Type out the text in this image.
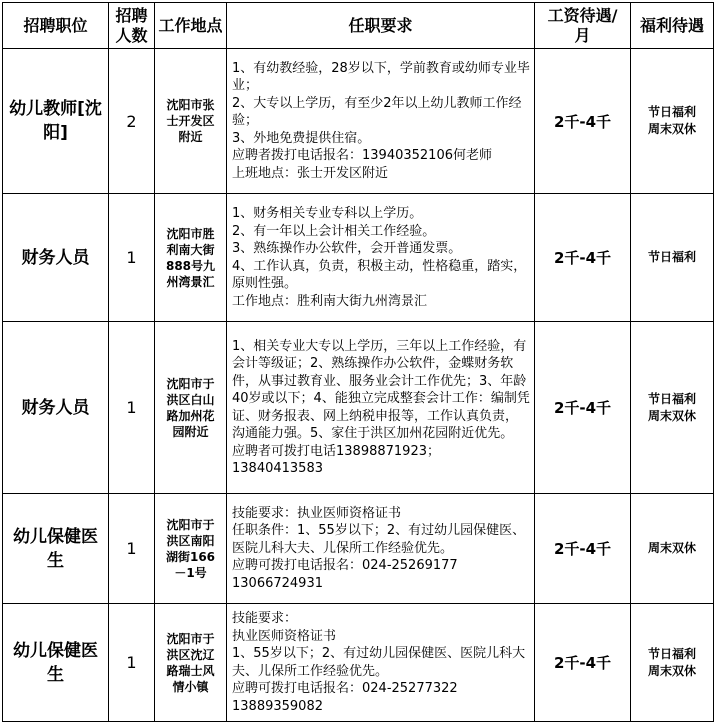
招聘职位	招聘人数	工作地点	任职要求	工资待遇/月	福利待遇
幼儿教师[沈阳]	2	沈阳市张士开发区附近	1、有幼教经验，28岁以下，学前教育或幼师专业毕业；
2、大专以上学历，有至少2年以上幼儿教师工作经验；
3、外地免费提供住宿。
应聘者拨打电话报名：13940352106何老师
上班地点：张士开发区附近	2千-4千	节日福利
周末双休

财务人员	1	沈阳市胜利南大街888号九州湾景汇	1、财务相关专业专科以上学历。
2、有一年以上会计相关工作经验。
3、熟练操作办公软件，会开普通发票。
4、工作认真，负责，积极主动，性格稳重，踏实，原则性强。
工作地点：胜利南大街九州湾景汇	2千-4千	节日福利

财务人员	1	沈阳市于洪区白山路加州花园附近	1、相关专业大专以上学历，三年以上工作经验，有会计等级证；2、熟练操作办公软件，金蝶财务软件，从事过教育业、服务业会计工作优先；3、年龄40岁或以下；4、能独立完成整套会计工作：编制凭证、财务报表、网上纳税申报等，工作认真负责，沟通能力强。5、家住于洪区加州花园附近优先。
应聘者可拨打电话13898871923；13840413583	2千-4千	节日福利
周末双休

幼儿保健医生	1	沈阳市于洪区南阳湖街166－1号	技能要求：执业医师资格证书
任职条件：1、55岁以下；2、有过幼儿园保健医、医院儿科大夫、儿保所工作经验优先。
应聘可拨打电话报名：024-25269177
13066724931	2千-4千	周末双休

幼儿保健医生	1	沈阳市于洪区沈辽路瑞士风情小镇	技能要求：
执业医师资格证书
1、55岁以下；2、有过幼儿园保健医、医院儿科大夫、儿保所工作经验优先。
应聘可拨打电话报名：024-25277322
13889359082	2千-4千	节日福利
周末双休
